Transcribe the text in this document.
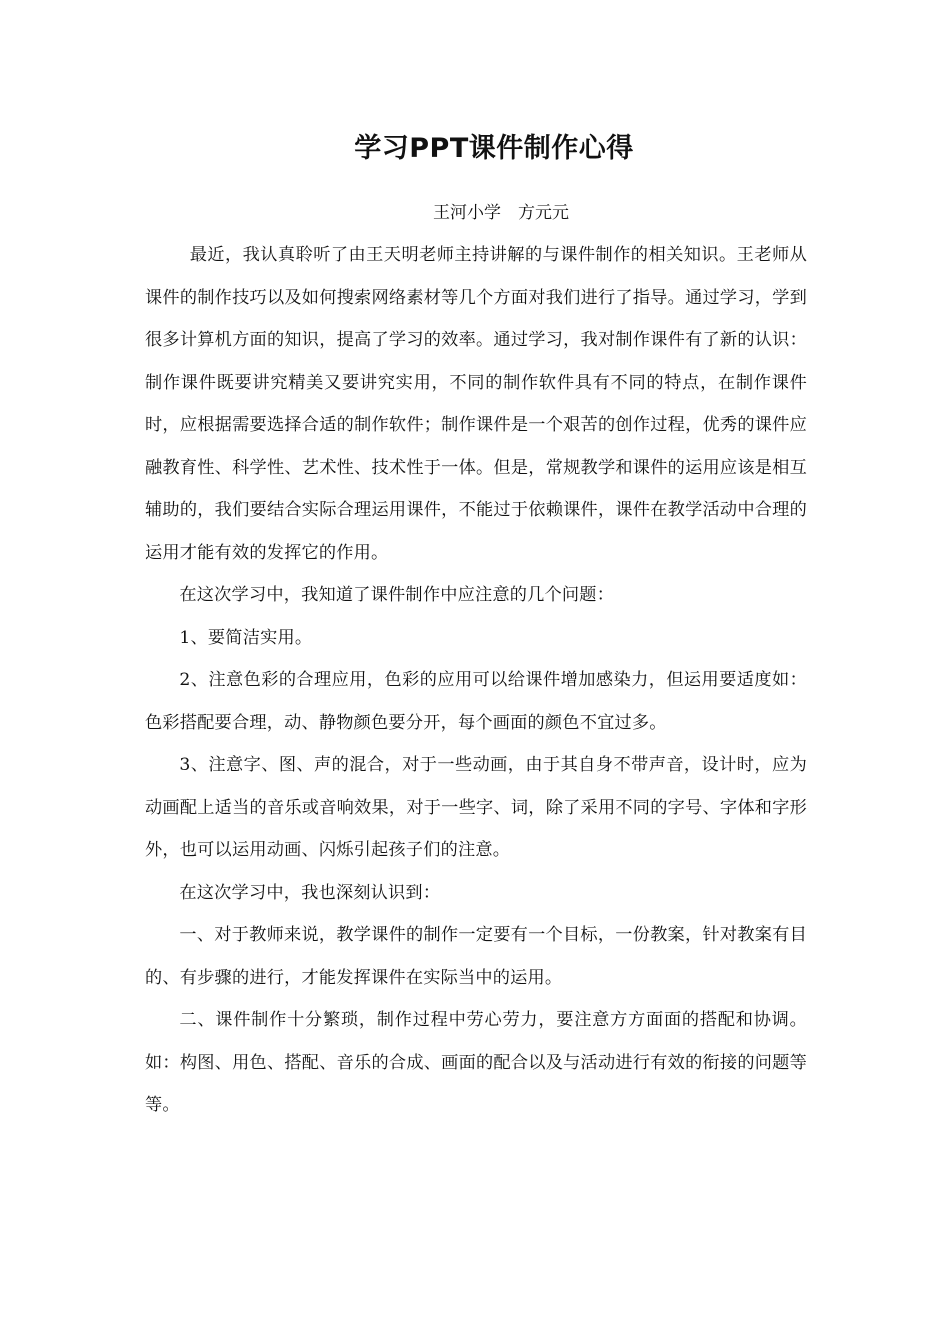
学习PPT课件制作心得
王河小学　方元元

最近，我认真聆听了由王天明老师主持讲解的与课件制作的相关知识。王老师从课件的制作技巧以及如何搜索网络素材等几个方面对我们进行了指导。通过学习，学到很多计算机方面的知识，提高了学习的效率。通过学习，我对制作课件有了新的认识：制作课件既要讲究精美又要讲究实用，不同的制作软件具有不同的特点，在制作课件时，应根据需要选择合适的制作软件；制作课件是一个艰苦的创作过程，优秀的课件应融教育性、科学性、艺术性、技术性于一体。但是，常规教学和课件的运用应该是相互辅助的，我们要结合实际合理运用课件，不能过于依赖课件，课件在教学活动中合理的运用才能有效的发挥它的作用。

在这次学习中，我知道了课件制作中应注意的几个问题：

1、要简洁实用。

2、注意色彩的合理应用，色彩的应用可以给课件增加感染力，但运用要适度如：色彩搭配要合理，动、静物颜色要分开，每个画面的颜色不宜过多。

3、注意字、图、声的混合，对于一些动画，由于其自身不带声音，设计时，应为动画配上适当的音乐或音响效果，对于一些字、词，除了采用不同的字号、字体和字形外，也可以运用动画、闪烁引起孩子们的注意。

在这次学习中，我也深刻认识到：

一、对于教师来说，教学课件的制作一定要有一个目标，一份教案，针对教案有目的、有步骤的进行，才能发挥课件在实际当中的运用。

二、课件制作十分繁琐，制作过程中劳心劳力，要注意方方面面的搭配和协调。如：构图、用色、搭配、音乐的合成、画面的配合以及与活动进行有效的衔接的问题等等。
